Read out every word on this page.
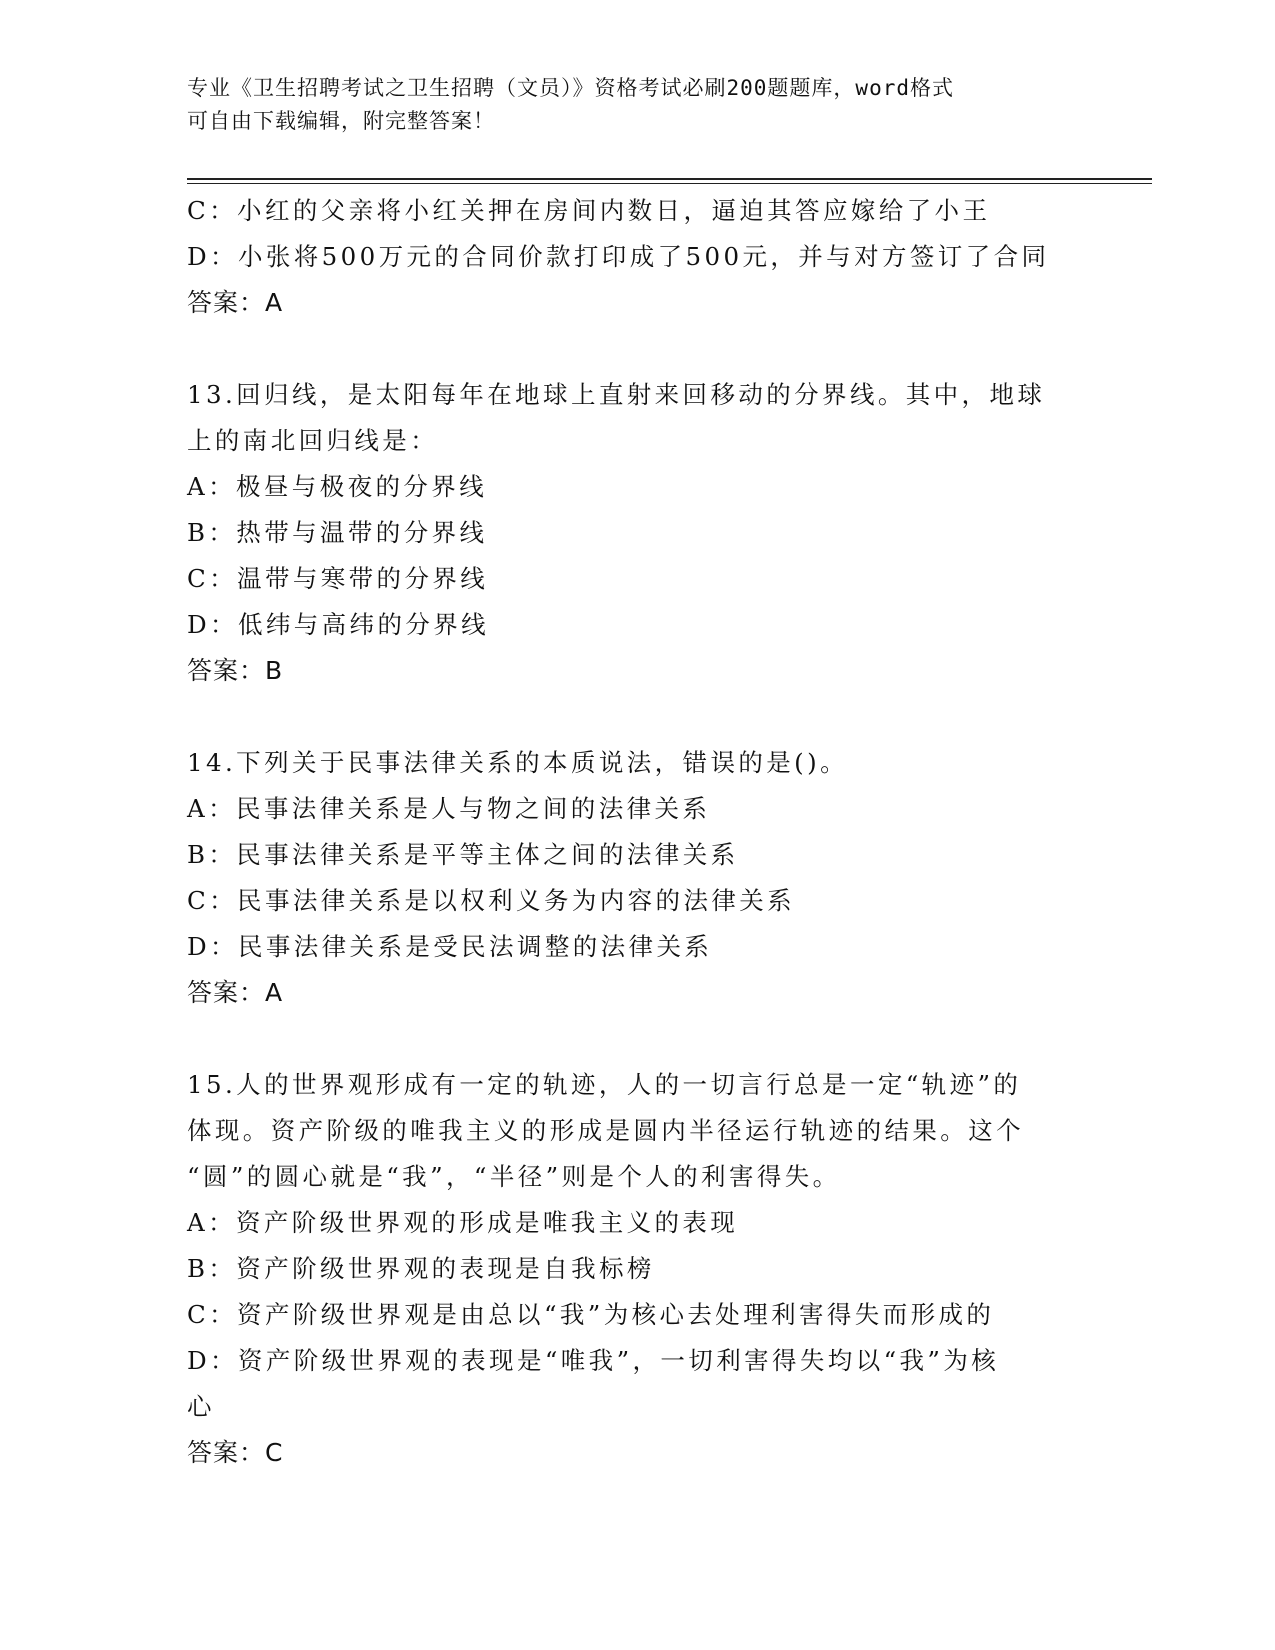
专业《卫生招聘考试之卫生招聘（文员）》资格考试必刷200题题库，word格式
可自由下载编辑，附完整答案！
C：小红的父亲将小红关押在房间内数日，逼迫其答应嫁给了小王
D：小张将500万元的合同价款打印成了500元，并与对方签订了合同
答案：A
13.回归线，是太阳每年在地球上直射来回移动的分界线。其中，地球
上的南北回归线是：
A：极昼与极夜的分界线
B：热带与温带的分界线
C：温带与寒带的分界线
D：低纬与高纬的分界线
答案：B
14.下列关于民事法律关系的本质说法，错误的是()。
A：民事法律关系是人与物之间的法律关系
B：民事法律关系是平等主体之间的法律关系
C：民事法律关系是以权利义务为内容的法律关系
D：民事法律关系是受民法调整的法律关系
答案：A
15.人的世界观形成有一定的轨迹，人的一切言行总是一定“轨迹”的
体现。资产阶级的唯我主义的形成是圆内半径运行轨迹的结果。这个
“圆”的圆心就是“我”，“半径”则是个人的利害得失。
A：资产阶级世界观的形成是唯我主义的表现
B：资产阶级世界观的表现是自我标榜
C：资产阶级世界观是由总以“我”为核心去处理利害得失而形成的
D：资产阶级世界观的表现是“唯我”，一切利害得失均以“我”为核
心
答案：C
